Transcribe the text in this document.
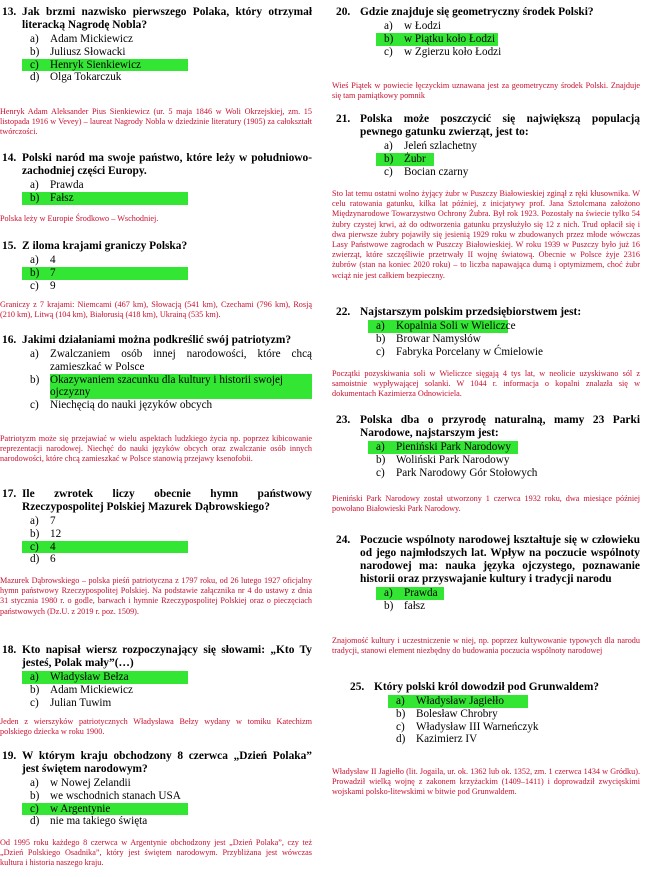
13. Jak brzmi nazwisko pierwszego Polaka, który otrzymał literacką Nagrodę Nobla?

a) Adam Mickiewicz
b) Juliusz Słowacki
c) Henryk Sienkiewicz
d) Olga Tokarczuk

Henryk Adam Aleksander Pius Sienkiewicz (ur. 5 maja 1846 w Woli Okrzejskiej, zm. 15 listopada 1916 w Vevey) – laureat Nagrody Nobla w dziedzinie literatury (1905) za całokształt twórczości.

14. Polski naród ma swoje państwo, które leży w południowo-zachodniej części Europy.

a) Prawda
b) Fałsz

Polska leży w Europie Środkowo – Wschodniej.

15. Z iloma krajami graniczy Polska?

a) 4
b) 7
c) 9

Graniczy z 7 krajami: Niemcami (467 km), Słowacją (541 km), Czechami (796 km), Rosją (210 km), Litwą (104 km), Białorusią (418 km), Ukrainą (535 km).

16. Jakimi działaniami można podkreślić swój patriotyzm?

a) Zwalczaniem osób innej narodowości, które chcą zamieszkać w Polsce
b) Okazywaniem szacunku dla kultury i historii swojej ojczyzny
c) Niechęcią do nauki języków obcych

Patriotyzm może się przejawiać w wielu aspektach ludzkiego życia np. poprzez kibicowanie reprezentacji narodowej. Niechęć do nauki języków obcych oraz zwalczanie osób innych narodowości, które chcą zamieszkać w Polsce stanowią przejawy ksenofobii.

17. Ile zwrotek liczy obecnie hymn państwowy Rzeczypospolitej Polskiej Mazurek Dąbrowskiego?

a) 7
b) 12
c) 4
d) 6

Mazurek Dąbrowskiego – polska pieśń patriotyczna z 1797 roku, od 26 lutego 1927 oficjalny hymn państwowy Rzeczypospolitej Polskiej. Na podstawie załącznika nr 4 do ustawy z dnia 31 stycznia 1980 r. o godle, barwach i hymnie Rzeczypospolitej Polskiej oraz o pieczęciach państwowych (Dz.U. z 2019 r. poz. 1509).

18. Kto napisał wiersz rozpoczynający się słowami: „Kto Ty jesteś, Polak mały”(…)

a) Władysław Bełza
b) Adam Mickiewicz
c) Julian Tuwim

Jeden z wierszyków patriotycznych Władysława Bełzy wydany w tomiku Katechizm polskiego dziecka w roku 1900.

19. W którym kraju obchodzony 8 czerwca „Dzień Polaka” jest świętem narodowym?

a) w Nowej Zelandii
b) we wschodnich stanach USA
c) w Argentynie
d) nie ma takiego święta

Od 1995 roku każdego 8 czerwca w Argentynie obchodzony jest „Dzień Polaka”, czy też „Dzień Polskiego Osadnika”, który jest świętem narodowym. Przybliżana jest wówczas kultura i historia naszego kraju.

20. Gdzie znajduje się geometryczny środek Polski?

a) w Łodzi
b) w Piątku koło Łodzi
c) w Zgierzu koło Łodzi

Wieś Piątek w powiecie łęczyckim uznawana jest za geometryczny środek Polski. Znajduje się tam pamiątkowy pomnik

21. Polska może poszczycić się największą populacją pewnego gatunku zwierząt, jest to:

a) Jeleń szlachetny
b) Żubr
c) Bocian czarny

Sto lat temu ostatni wolno żyjący żubr w Puszczy Białowieskiej zginął z ręki kłusownika. W celu ratowania gatunku, kilka lat później, z inicjatywy prof. Jana Sztolcmana założono Międzynarodowe Towarzystwo Ochrony Żubra. Był rok 1923. Pozostały na świecie tylko 54 żubry czystej krwi, aż do odtworzenia gatunku przysłużyło się 12 z nich. Trud opłacił się i dwa pierwsze żubry pojawiły się jesienią 1929 roku w zbudowanych przez młode wówczas Lasy Państwowe zagrodach w Puszczy Białowieskiej. W roku 1939 w Puszczy było już 16 zwierząt, które szczęśliwie przetrwały II wojnę światową. Obecnie w Polsce żyje 2316 żubrów (stan na koniec 2020 roku) – to liczba napawająca dumą i optymizmem, choć żubr wciąż nie jest całkiem bezpieczny.

22. Najstarszym polskim przedsiębiorstwem jest:

a) Kopalnia Soli w Wieliczce
b) Browar Namysłów
c) Fabryka Porcelany w Ćmielowie

Początki pozyskiwania soli w Wieliczce sięgają 4 tys lat, w neolicie uzyskiwano sól z samoistnie wypływającej solanki. W 1044 r. informacja o kopalni znalazła się w dokumentach Kazimierza Odnowiciela.

23. Polska dba o przyrodę naturalną, mamy 23 Parki Narodowe, najstarszym jest:

a) Pieniński Park Narodowy
b) Woliński Park Narodowy
c) Park Narodowy Gór Stołowych

Pieniński Park Narodowy został utworzony 1 czerwca 1932 roku, dwa miesiące później powołano Białowieski Park Narodowy.

24. Poczucie wspólnoty narodowej kształtuje się w człowieku od jego najmłodszych lat. Wpływ na poczucie wspólnoty narodowej ma: nauka języka ojczystego, poznawanie historii oraz przyswajanie kultury i tradycji narodu

a) Prawda
b) fałsz

Znajomość kultury i uczestniczenie w niej, np. poprzez kultywowanie typowych dla narodu tradycji, stanowi element niezbędny do budowania poczucia wspólnoty narodowej

25. Który polski król dowodził pod Grunwaldem?

a) Władysław Jagiełło
b) Bolesław Chrobry
c) Władysław III Warneńczyk
d) Kazimierz IV

Władysław II Jagiełło (lit. Jogaila, ur. ok. 1362 lub ok. 1352, zm. 1 czerwca 1434 w Gródku). Prowadził wielką wojnę z zakonem krzyżackim (1409–1411) i doprowadził zwycięskimi wojskami polsko-litewskimi w bitwie pod Grunwaldem.
